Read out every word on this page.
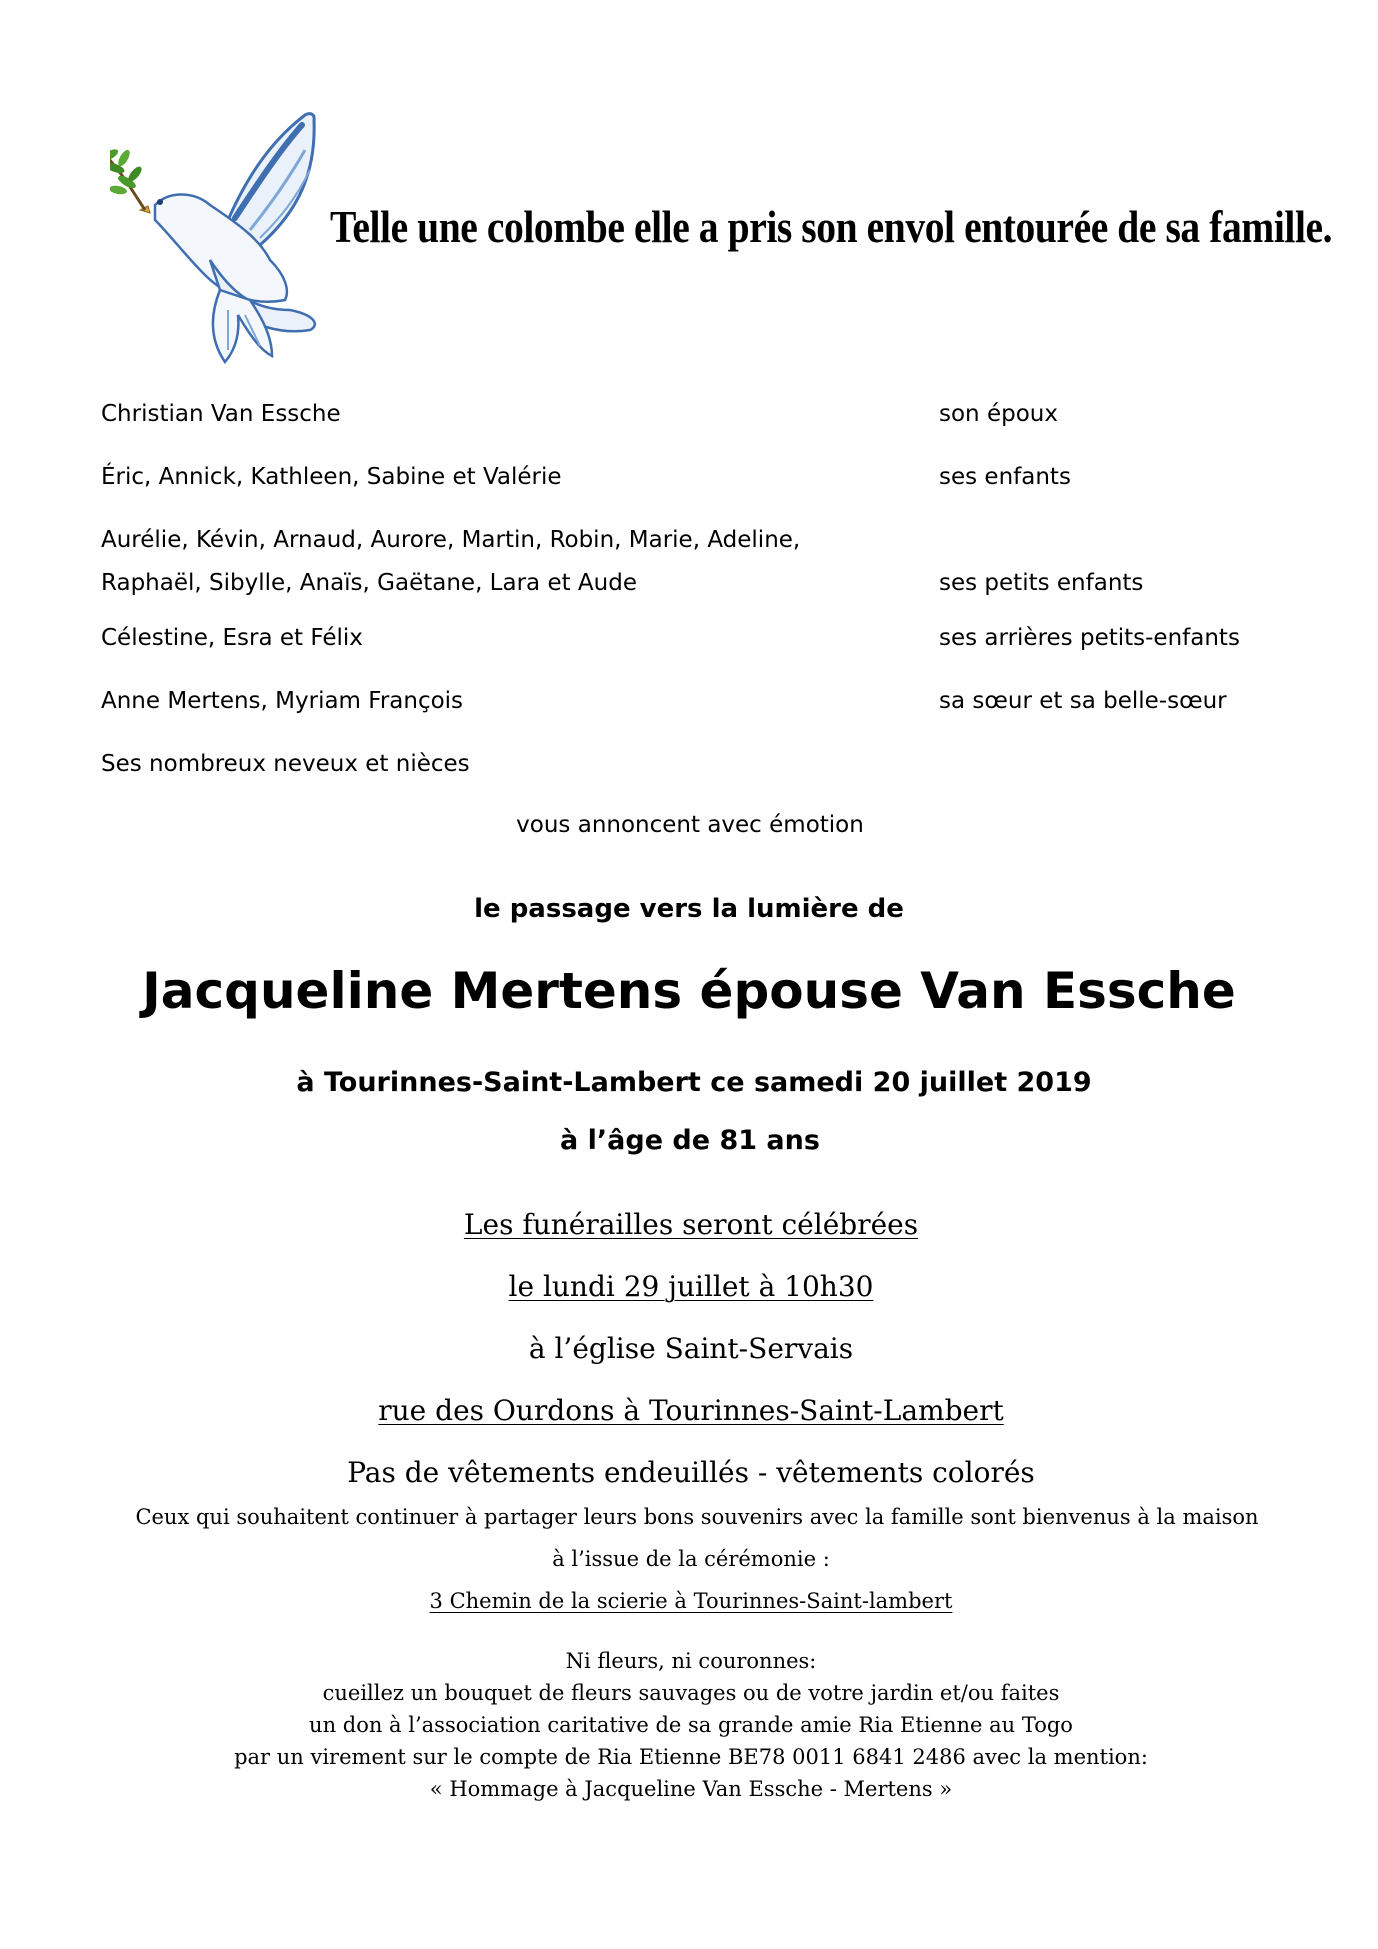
Telle une colombe elle a pris son envol entourée de sa famille.
Christian Van Essche	son époux
Éric, Annick, Kathleen, Sabine et Valérie	ses enfants
Aurélie, Kévin, Arnaud, Aurore, Martin, Robin, Marie, Adeline,
Raphaël, Sibylle, Anaïs, Gaëtane, Lara et Aude	ses petits enfants
Célestine, Esra et Félix	ses arrières petits-enfants
Anne Mertens, Myriam François	sa sœur et sa belle-sœur
Ses nombreux neveux et nièces
vous annoncent avec émotion
le passage vers la lumière de
Jacqueline Mertens épouse Van Essche
à Tourinnes-Saint-Lambert ce samedi 20 juillet 2019
à l’âge de 81 ans
Les funérailles seront célébrées
le lundi 29 juillet à 10h30
à l’église Saint-Servais
rue des Ourdons à Tourinnes-Saint-Lambert
Pas de vêtements endeuillés - vêtements colorés
Ceux qui souhaitent continuer à partager leurs bons souvenirs avec la famille sont bienvenus à la maison
à l’issue de la cérémonie :
3 Chemin de la scierie à Tourinnes-Saint-lambert
Ni fleurs, ni couronnes:
cueillez un bouquet de fleurs sauvages ou de votre jardin et/ou faites
un don à l’association caritative de sa grande amie Ria Etienne au Togo
par un virement sur le compte de Ria Etienne BE78 0011 6841 2486 avec la mention:
« Hommage à Jacqueline Van Essche - Mertens »
